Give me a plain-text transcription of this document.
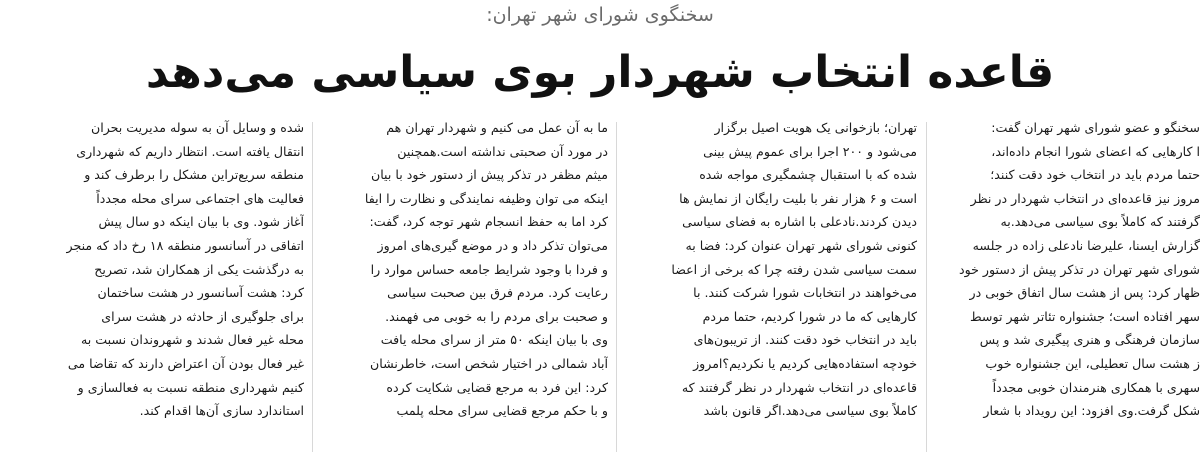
سخنگوی شورای شهر تهران:
قاعده انتخاب شهردار بوی سیاسی می‌دهد
سخنگو و عضو شورای شهر تهران گفت:
ا کارهایی که اعضای شورا انجام داده‌اند،
حتما مردم باید در انتخاب خود دقت کنند؛
مروز نیز قاعده‌ای در انتخاب شهردار در نظر
گرفتند که کاملاً بوی سیاسی می‌دهد.به
گزارش ایسنا، علیرضا نادعلی زاده در جلسه
شورای شهر تهران در تذکر پیش از دستور خود
ظهار کرد: پس از هشت سال اتفاق خوبی در
سهر افتاده است؛ جشنواره تئاتر شهر توسط
سازمان فرهنگی و هنری پیگیری شد و پس
ز هشت سال تعطیلی، این جشنواره خوب
سهری با همکاری هنرمندان خوبی مجدداً
شکل گرفت.وی افزود: این رویداد با شعار
تهران؛ بازخوانی یک هویت اصیل برگزار
می‌شود و ۲۰۰ اجرا برای عموم پیش بینی
شده که با استقبال چشمگیری مواجه شده
است و ۶ هزار نفر با بلیت رایگان از نمایش ها
دیدن کردند.نادعلی با اشاره به فضای سیاسی
کنونی شورای شهر تهران عنوان کرد: فضا به
سمت سیاسی شدن رفته چرا که برخی از اعضا
می‌خواهند در انتخابات شورا شرکت کنند. با
کارهایی که ما در شورا کردیم، حتما مردم
باید در انتخاب خود دقت کنند. از تریبون‌های
خودچه استفاده‌هایی کردیم یا نکردیم؟امروز
قاعده‌ای در انتخاب شهردار در نظر گرفتند که
کاملاً بوی سیاسی می‌دهد.اگر قانون باشد
ما به آن عمل می کنیم و شهردار تهران هم
در مورد آن صحبتی نداشته است.همچنین
میثم مظفر در تذکر پیش از دستور خود با بیان
اینکه می توان وظیفه نمایندگی و نظارت را ایفا
کرد اما به حفظ انسجام شهر توجه کرد، گفت:
می‌توان تذکر داد و در موضع گیری‌های امروز
و فردا با وجود شرایط جامعه حساس موارد را
رعایت کرد. مردم فرق بین صحبت سیاسی
و صحبت برای مردم را به خوبی می فهمند.
وی با بیان اینکه ۵۰ متر از سرای محله یافت
آباد شمالی در اختیار شخص است، خاطرنشان
کرد: این فرد به مرجع قضایی شکایت کرده
و با حکم مرجع قضایی سرای محله پلمب
شده و وسایل آن به سوله مدیریت بحران
انتقال یافته است. انتظار داریم که شهرداری
منطقه سریع‌تراین مشکل را برطرف کند و
فعالیت های اجتماعی سرای محله مجدداً
آغاز شود. وی با بیان اینکه دو سال پیش
اتفاقی در آسانسور منطقه ۱۸ رخ داد که منجر
به درگذشت یکی از همکاران شد، تصریح
کرد: هشت آسانسور در هشت ساختمان
برای جلوگیری از حادثه در هشت سرای
محله غیر فعال شدند و شهروندان نسبت به
غیر فعال بودن آن اعتراض دارند که تقاضا می
کنیم شهرداری منطقه نسبت به فعالسازی و
استاندارد سازی آن‌ها اقدام کند.
